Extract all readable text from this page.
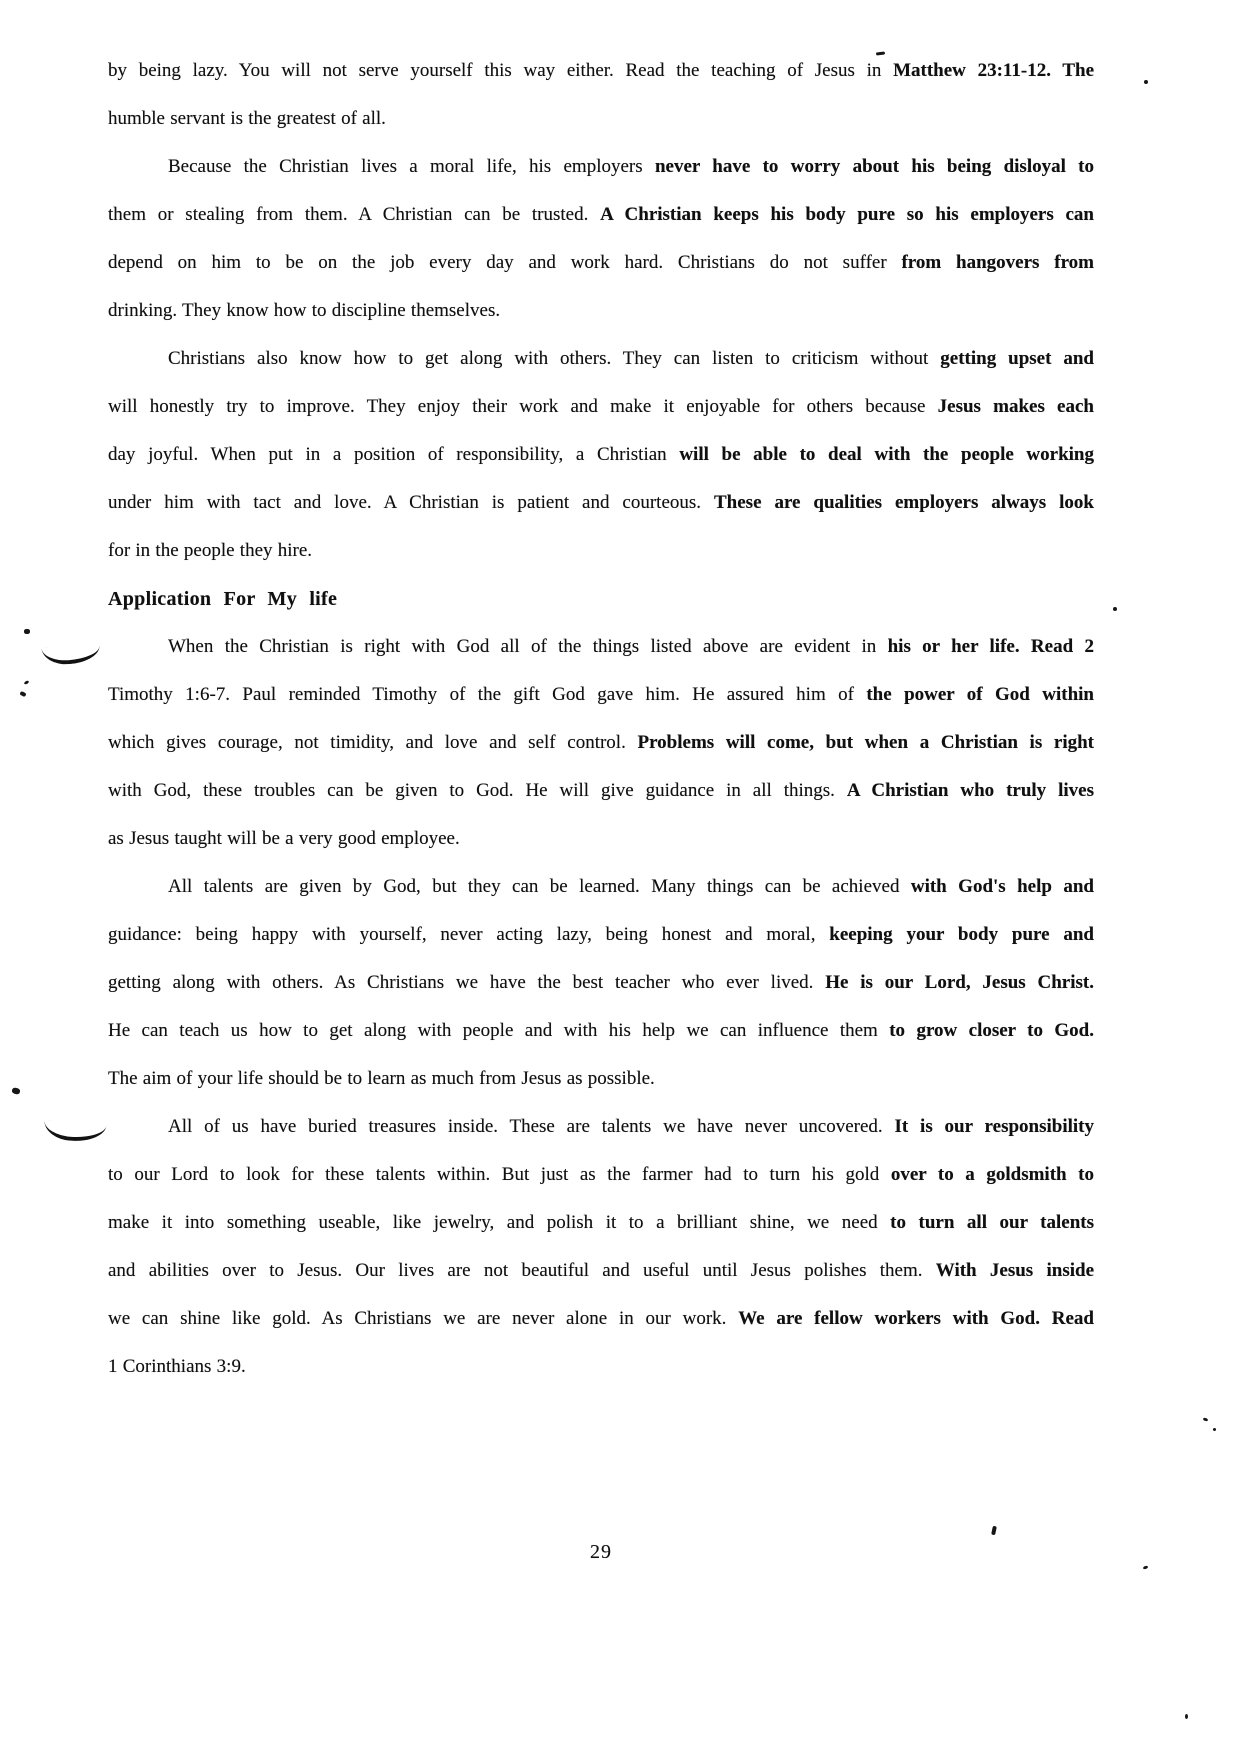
by being lazy. You will not serve yourself this way either. Read the teaching of Jesus in Matthew 23:11-12. The
humble servant is the greatest of all.
Because the Christian lives a moral life, his employers never have to worry about his being disloyal to
them or stealing from them. A Christian can be trusted. A Christian keeps his body pure so his employers can
depend on him to be on the job every day and work hard. Christians do not suffer from hangovers from
drinking. They know how to discipline themselves.
Christians also know how to get along with others. They can listen to criticism without getting upset and
will honestly try to improve. They enjoy their work and make it enjoyable for others because Jesus makes each
day joyful. When put in a position of responsibility, a Christian will be able to deal with the people working
under him with tact and love. A Christian is patient and courteous. These are qualities employers always look
for in the people they hire.
Application For My life
When the Christian is right with God all of the things listed above are evident in his or her life. Read 2
Timothy 1:6-7. Paul reminded Timothy of the gift God gave him. He assured him of the power of God within
which gives courage, not timidity, and love and self control. Problems will come, but when a Christian is right
with God, these troubles can be given to God. He will give guidance in all things. A Christian who truly lives
as Jesus taught will be a very good employee.
All talents are given by God, but they can be learned. Many things can be achieved with God's help and
guidance: being happy with yourself, never acting lazy, being honest and moral, keeping your body pure and
getting along with others. As Christians we have the best teacher who ever lived. He is our Lord, Jesus Christ.
He can teach us how to get along with people and with his help we can influence them to grow closer to God.
The aim of your life should be to learn as much from Jesus as possible.
All of us have buried treasures inside. These are talents we have never uncovered. It is our responsibility
to our Lord to look for these talents within. But just as the farmer had to turn his gold over to a goldsmith to
make it into something useable, like jewelry, and polish it to a brilliant shine, we need to turn all our talents
and abilities over to Jesus. Our lives are not beautiful and useful until Jesus polishes them. With Jesus inside
we can shine like gold. As Christians we are never alone in our work. We are fellow workers with God. Read
1 Corinthians 3:9.
29
